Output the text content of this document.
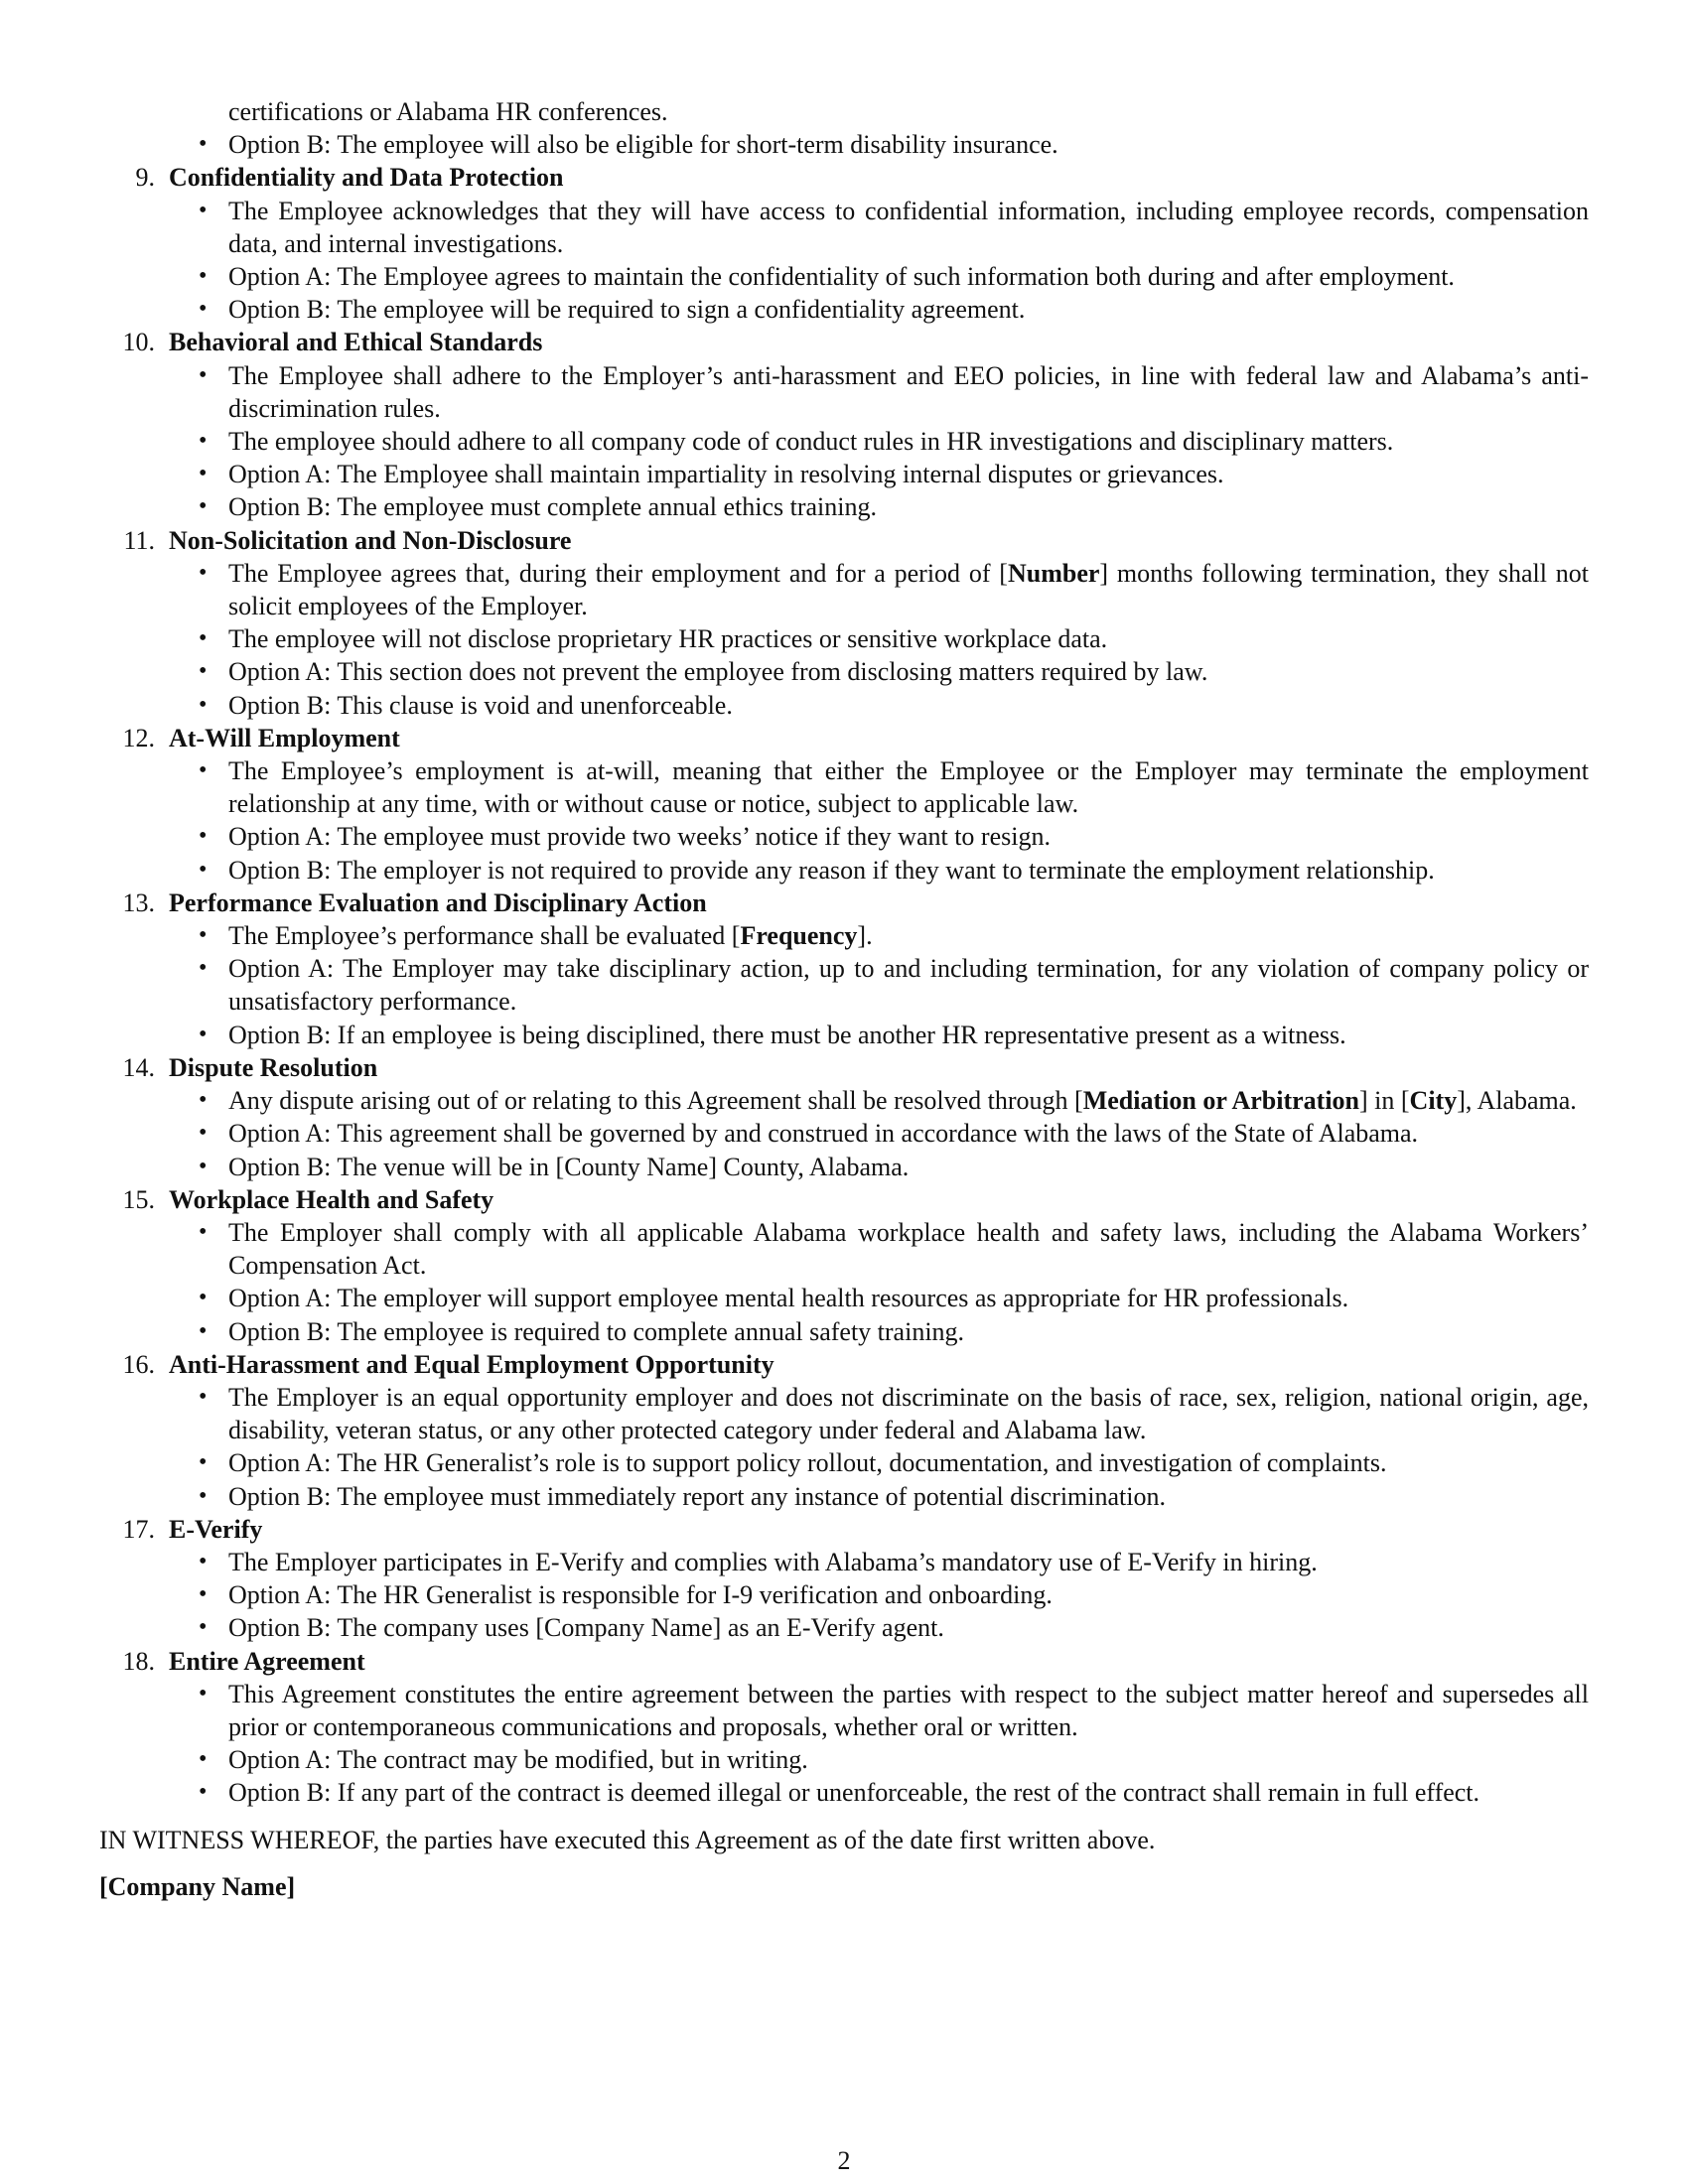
certifications or Alabama HR conferences.
• Option B: The employee will also be eligible for short-term disability insurance.
9. Confidentiality and Data Protection
• The Employee acknowledges that they will have access to confidential information, including employee records, compensation data, and internal investigations.
• Option A: The Employee agrees to maintain the confidentiality of such information both during and after employment.
• Option B: The employee will be required to sign a confidentiality agreement.
10. Behavioral and Ethical Standards
• The Employee shall adhere to the Employer’s anti-harassment and EEO policies, in line with federal law and Alabama’s anti-discrimination rules.
• The employee should adhere to all company code of conduct rules in HR investigations and disciplinary matters.
• Option A: The Employee shall maintain impartiality in resolving internal disputes or grievances.
• Option B: The employee must complete annual ethics training.
11. Non-Solicitation and Non-Disclosure
• The Employee agrees that, during their employment and for a period of [Number] months following termination, they shall not solicit employees of the Employer.
• The employee will not disclose proprietary HR practices or sensitive workplace data.
• Option A: This section does not prevent the employee from disclosing matters required by law.
• Option B: This clause is void and unenforceable.
12. At-Will Employment
• The Employee’s employment is at-will, meaning that either the Employee or the Employer may terminate the employment relationship at any time, with or without cause or notice, subject to applicable law.
• Option A: The employee must provide two weeks’ notice if they want to resign.
• Option B: The employer is not required to provide any reason if they want to terminate the employment relationship.
13. Performance Evaluation and Disciplinary Action
• The Employee’s performance shall be evaluated [Frequency].
• Option A: The Employer may take disciplinary action, up to and including termination, for any violation of company policy or unsatisfactory performance.
• Option B: If an employee is being disciplined, there must be another HR representative present as a witness.
14. Dispute Resolution
• Any dispute arising out of or relating to this Agreement shall be resolved through [Mediation or Arbitration] in [City], Alabama.
• Option A: This agreement shall be governed by and construed in accordance with the laws of the State of Alabama.
• Option B: The venue will be in [County Name] County, Alabama.
15. Workplace Health and Safety
• The Employer shall comply with all applicable Alabama workplace health and safety laws, including the Alabama Workers’ Compensation Act.
• Option A: The employer will support employee mental health resources as appropriate for HR professionals.
• Option B: The employee is required to complete annual safety training.
16. Anti-Harassment and Equal Employment Opportunity
• The Employer is an equal opportunity employer and does not discriminate on the basis of race, sex, religion, national origin, age, disability, veteran status, or any other protected category under federal and Alabama law.
• Option A: The HR Generalist’s role is to support policy rollout, documentation, and investigation of complaints.
• Option B: The employee must immediately report any instance of potential discrimination.
17. E-Verify
• The Employer participates in E-Verify and complies with Alabama’s mandatory use of E-Verify in hiring.
• Option A: The HR Generalist is responsible for I-9 verification and onboarding.
• Option B: The company uses [Company Name] as an E-Verify agent.
18. Entire Agreement
• This Agreement constitutes the entire agreement between the parties with respect to the subject matter hereof and supersedes all prior or contemporaneous communications and proposals, whether oral or written.
• Option A: The contract may be modified, but in writing.
• Option B: If any part of the contract is deemed illegal or unenforceable, the rest of the contract shall remain in full effect.
IN WITNESS WHEREOF, the parties have executed this Agreement as of the date first written above.
[Company Name]
2
